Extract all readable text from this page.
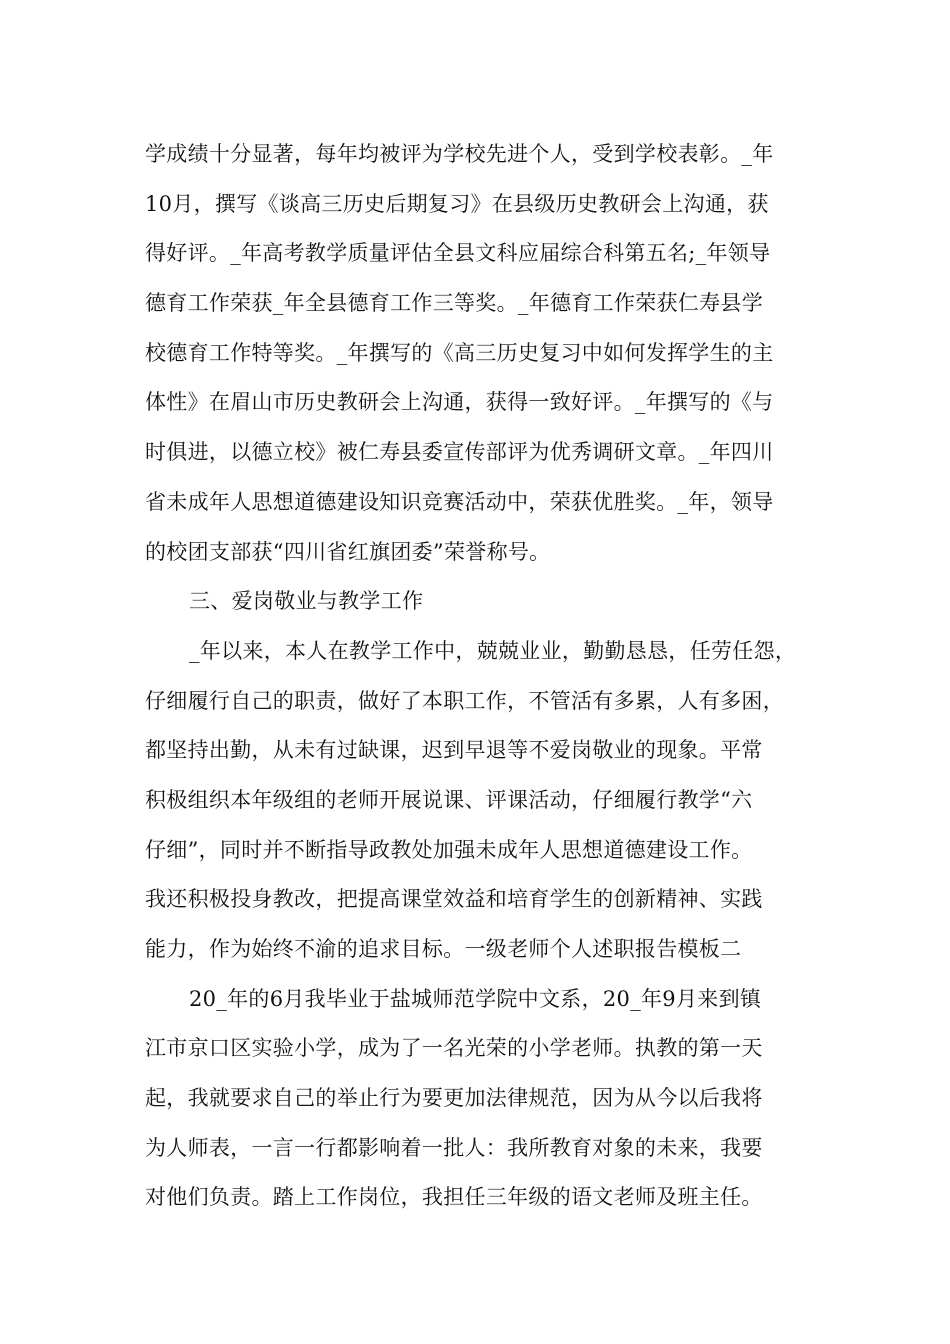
学成绩十分显著，每年均被评为学校先进个人，受到学校表彰。_年
10月，撰写《谈高三历史后期复习》在县级历史教研会上沟通，获
得好评。_年高考教学质量评估全县文科应届综合科第五名;_年领导
德育工作荣获_年全县德育工作三等奖。_年德育工作荣获仁寿县学
校德育工作特等奖。_年撰写的《高三历史复习中如何发挥学生的主
体性》在眉山市历史教研会上沟通，获得一致好评。_年撰写的《与
时俱进，以德立校》被仁寿县委宣传部评为优秀调研文章。_年四川
省未成年人思想道德建设知识竞赛活动中，荣获优胜奖。_年，领导
的校团支部获“四川省红旗团委”荣誉称号。
三、爱岗敬业与教学工作
_年以来，本人在教学工作中，兢兢业业，勤勤恳恳，任劳任怨，
仔细履行自己的职责，做好了本职工作，不管活有多累，人有多困，
都坚持出勤，从未有过缺课，迟到早退等不爱岗敬业的现象。平常
积极组织本年级组的老师开展说课、评课活动，仔细履行教学“六
仔细”，同时并不断指导政教处加强未成年人思想道德建设工作。
我还积极投身教改，把提高课堂效益和培育学生的创新精神、实践
能力，作为始终不渝的追求目标。一级老师个人述职报告模板二
20_年的6月我毕业于盐城师范学院中文系，20_年9月来到镇
江市京口区实验小学，成为了一名光荣的小学老师。执教的第一天
起，我就要求自己的举止行为要更加法律规范，因为从今以后我将
为人师表，一言一行都影响着一批人：我所教育对象的未来，我要
对他们负责。踏上工作岗位，我担任三年级的语文老师及班主任。
